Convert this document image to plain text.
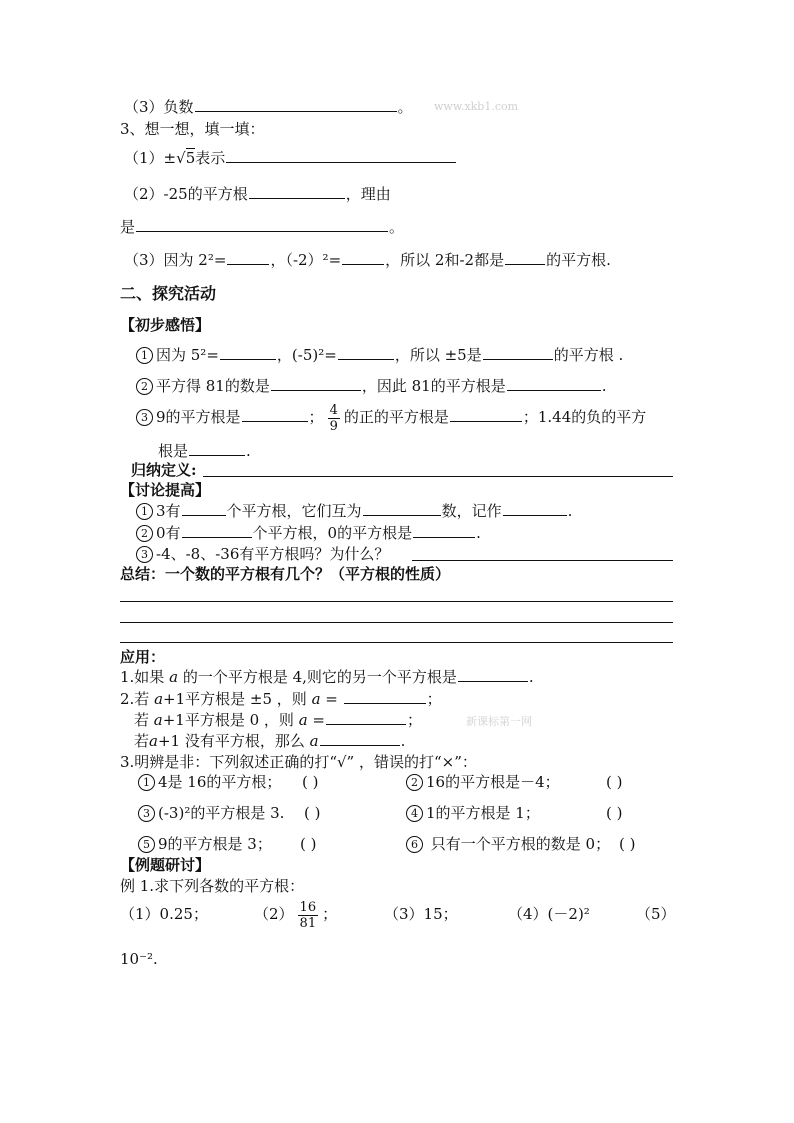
www.xkb1.com
新课标第一网
（3）负数	。
3、想一想，填一填：
（1）±√5表示
（2）-25的平方根	，理由
是	。
（3）因为 2²=	，（-2）²=	，所以 2和-2都是	的平方根.
二、探究活动
【初步感悟】
1 因为 5²=	，(-5)²=	，所以 ±5是	的平方根 .
2 平方得 81的数是	，因此 81的平方根是	.
3 9的平方根是	； $\frac{4}{9}$ 的正的平方根是	；1.44的负的平方
根是	.
归纳定义:
【讨论提高】
1 3有	个平方根，它们互为	数，记作	.
2 0有	个平方根，0的平方根是	.
3 -4、-8、-36有平方根吗？为什么？
总结：一个数的平方根有几个？（平方根的性质）
应用：
1.如果 a 的一个平方根是 4,则它的另一个平方根是	.
2.若 a+1平方根是 ±5 ，则 a =	；
若 a+1平方根是 0 ，则 a =	；
若a+1 没有平方根，那么 a	.
3.明辨是非：下列叙述正确的打“√” ，错误的打“×”：
1 4是 16的平方根； ( )	2 16的平方根是－4；	( )
3 (-3)²的平方根是 3. ( )	4 1的平方根是 1；	( )
5 9的平方根是 3； ( )	6 只有一个平方根的数是 0； ( )
【例题研讨】
例 1.求下列各数的平方根：
（1）0.25；	$(2) \frac{16}{81}$ ；	（3）15；	（4）(－2)²	（5）
10⁻².
